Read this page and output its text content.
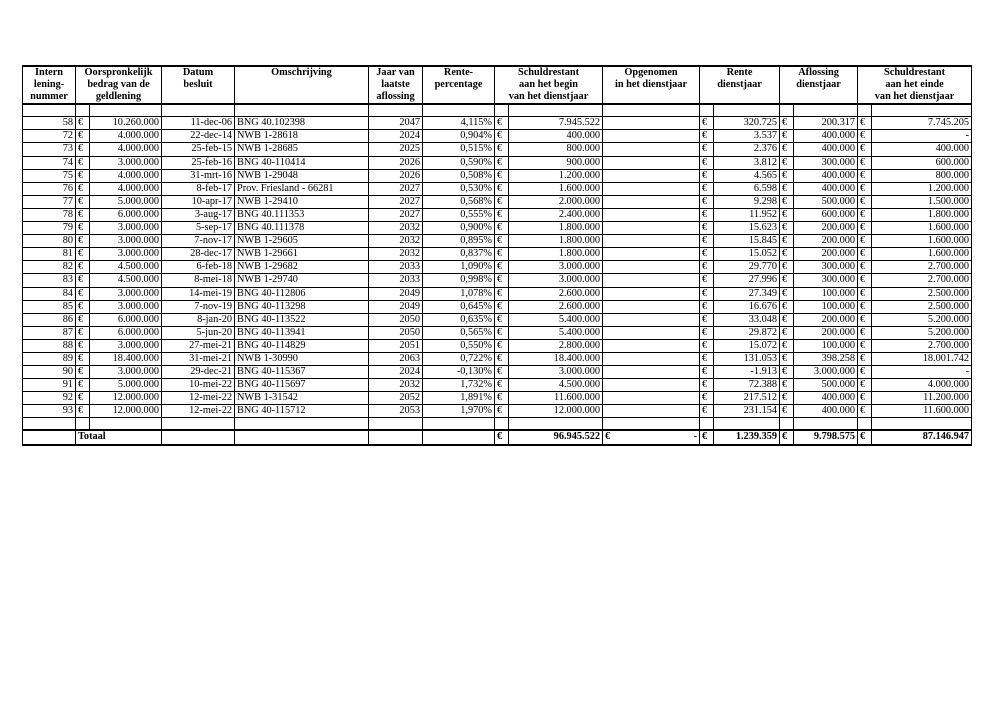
Intern	Oorspronkelijk		Datum	Omschrijving	Jaar van	Rente-	Schuldrestant		Opgenomen	Rente		Aflossing		Schuldrestant	
lening-	bedrag van de		besluit		laatste	percentage	aan het begin		in het dienstjaar	dienstjaar		dienstjaar		aan het einde	
nummer	geldlening				aflossing		van het dienstjaar							van het dienstjaar	

58	€	10.260.000	11-dec-06	BNG 40.102398	2047	4,115%	€	7.945.522		€	320.725	€	200.317	€	7.745.205
72	€	4.000.000	22-dec-14	NWB 1-28618	2024	0,904%	€	400.000		€	3.537	€	400.000	€	-
73	€	4.000.000	25-feb-15	NWB 1-28685	2025	0,515%	€	800.000		€	2.376	€	400.000	€	400.000
74	€	3.000.000	25-feb-16	BNG 40-110414	2026	0,590%	€	900.000		€	3.812	€	300.000	€	600.000
75	€	4.000.000	31-mrt-16	NWB 1-29048	2026	0,508%	€	1.200.000		€	4.565	€	400.000	€	800.000
76	€	4.000.000	8-feb-17	Prov. Friesland - 66281	2027	0,530%	€	1.600.000		€	6.598	€	400.000	€	1.200.000
77	€	5.000.000	10-apr-17	NWB 1-29410	2027	0,568%	€	2.000.000		€	9.298	€	500.000	€	1.500.000
78	€	6.000.000	3-aug-17	BNG 40.111353	2027	0,555%	€	2.400.000		€	11.952	€	600.000	€	1.800.000
79	€	3.000.000	5-sep-17	BNG 40.111378	2032	0,900%	€	1.800.000		€	15.623	€	200.000	€	1.600.000
80	€	3.000.000	7-nov-17	NWB 1-29605	2032	0,895%	€	1.800.000		€	15.845	€	200.000	€	1.600.000
81	€	3.000.000	28-dec-17	NWB 1-29661	2032	0,837%	€	1.800.000		€	15.052	€	200.000	€	1.600.000
82	€	4.500.000	6-feb-18	NWB 1-29682	2033	1,090%	€	3.000.000		€	29.770	€	300.000	€	2.700.000
83	€	4.500.000	8-mei-18	NWB 1-29740	2033	0,998%	€	3.000.000		€	27.996	€	300.000	€	2.700.000
84	€	3.000.000	14-mei-19	BNG 40-112806	2049	1,078%	€	2.600.000		€	27.349	€	100.000	€	2.500.000
85	€	3.000.000	7-nov-19	BNG 40-113298	2049	0,645%	€	2.600.000		€	16.676	€	100.000	€	2.500.000
86	€	6.000.000	8-jan-20	BNG 40-113522	2050	0,635%	€	5.400.000		€	33.048	€	200.000	€	5.200.000
87	€	6.000.000	5-jun-20	BNG 40-113941	2050	0,565%	€	5.400.000		€	29.872	€	200.000	€	5.200.000
88	€	3.000.000	27-mei-21	BNG 40-114829	2051	0,550%	€	2.800.000		€	15.072	€	100.000	€	2.700.000
89	€	18.400.000	31-mei-21	NWB 1-30990	2063	0,722%	€	18.400.000		€	131.053	€	398.258	€	18.001.742
90	€	3.000.000	29-dec-21	BNG 40-115367	2024	-0,130%	€	3.000.000		€	-1.913	€	3.000.000	€	-
91	€	5.000.000	10-mei-22	BNG 40-115697	2032	1,732%	€	4.500.000		€	72.388	€	500.000	€	4.000.000
92	€	12.000.000	12-mei-22	NWB 1-31542	2052	1,891%	€	11.600.000		€	217.512	€	400.000	€	11.200.000
93	€	12.000.000	12-mei-22	BNG 40-115712	2053	1,970%	€	12.000.000		€	231.154	€	400.000	€	11.600.000

	Totaal						€	96.945.522	€ -	€	1.239.359	€	9.798.575	€	87.146.947
